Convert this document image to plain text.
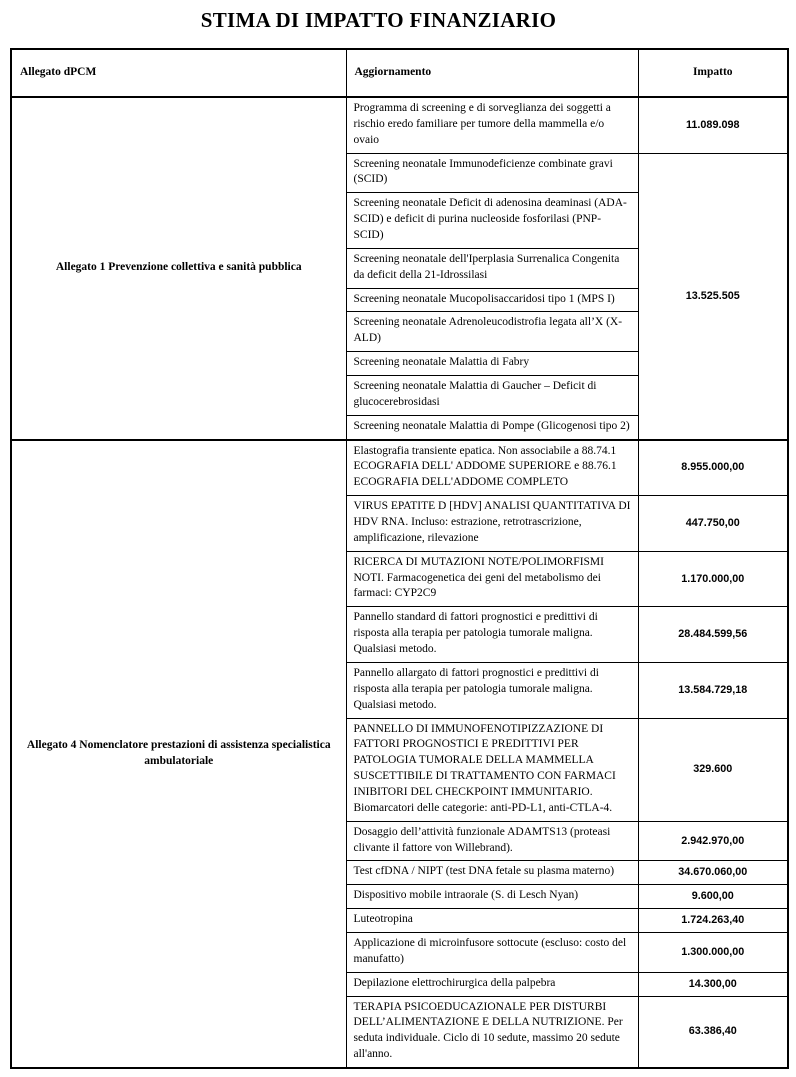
STIMA DI IMPATTO FINANZIARIO
Allegato dPCM	Aggiornamento	Impatto
Allegato 1 Prevenzione collettiva e sanità pubblica	Programma di screening e di sorveglianza dei soggetti a rischio eredo familiare per tumore della mammella e/o ovaio	11.089.098
	Screening neonatale Immunodeficienze combinate gravi (SCID)	13.525.505
	Screening neonatale Deficit di adenosina deaminasi (ADA-SCID) e deficit di purina nucleoside fosforilasi (PNP-SCID)	
	Screening neonatale dell'Iperplasia Surrenalica Congenita da deficit della 21-Idrossilasi	
	Screening neonatale Mucopolisaccaridosi tipo 1 (MPS I)	
	Screening neonatale Adrenoleucodistrofia legata all’X (X-ALD)	
	Screening neonatale Malattia di Fabry	
	Screening neonatale Malattia di Gaucher – Deficit di glucocerebrosidasi	
	Screening neonatale Malattia di Pompe (Glicogenosi tipo 2)	
Allegato 4 Nomenclatore prestazioni di assistenza specialistica ambulatoriale	Elastografia transiente epatica. Non associabile a 88.74.1 ECOGRAFIA DELL' ADDOME SUPERIORE e 88.76.1 ECOGRAFIA DELL'ADDOME COMPLETO	8.955.000,00
	VIRUS EPATITE D [HDV] ANALISI QUANTITATIVA DI HDV RNA. Incluso: estrazione, retrotrascrizione, amplificazione, rilevazione	447.750,00
	RICERCA DI MUTAZIONI NOTE/POLIMORFISMI NOTI. Farmacogenetica dei geni del metabolismo dei farmaci: CYP2C9	1.170.000,00
	Pannello standard di fattori prognostici e predittivi di risposta alla terapia per patologia tumorale maligna. Qualsiasi metodo.	28.484.599,56
	Pannello allargato di fattori prognostici e predittivi di risposta alla terapia per patologia tumorale maligna. Qualsiasi metodo.	13.584.729,18
	PANNELLO DI IMMUNOFENOTIPIZZAZIONE DI FATTORI PROGNOSTICI E PREDITTIVI PER PATOLOGIA TUMORALE DELLA MAMMELLA SUSCETTIBILE DI TRATTAMENTO CON FARMACI INIBITORI DEL CHECKPOINT IMMUNITARIO. Biomarcatori delle categorie: anti-PD-L1, anti-CTLA-4.	329.600
	Dosaggio dell’attività funzionale ADAMTS13 (proteasi clivante il fattore von Willebrand).	2.942.970,00
	Test cfDNA / NIPT (test DNA fetale su plasma materno)	34.670.060,00
	Dispositivo mobile intraorale (S. di Lesch Nyan)	9.600,00
	Luteotropina	1.724.263,40
	Applicazione di microinfusore sottocute (escluso: costo del manufatto)	1.300.000,00
	Depilazione elettrochirurgica della palpebra	14.300,00
	TERAPIA PSICOEDUCAZIONALE PER DISTURBI DELL’ALIMENTAZIONE E DELLA NUTRIZIONE. Per seduta individuale. Ciclo di 10 sedute, massimo 20 sedute all'anno.	63.386,40
